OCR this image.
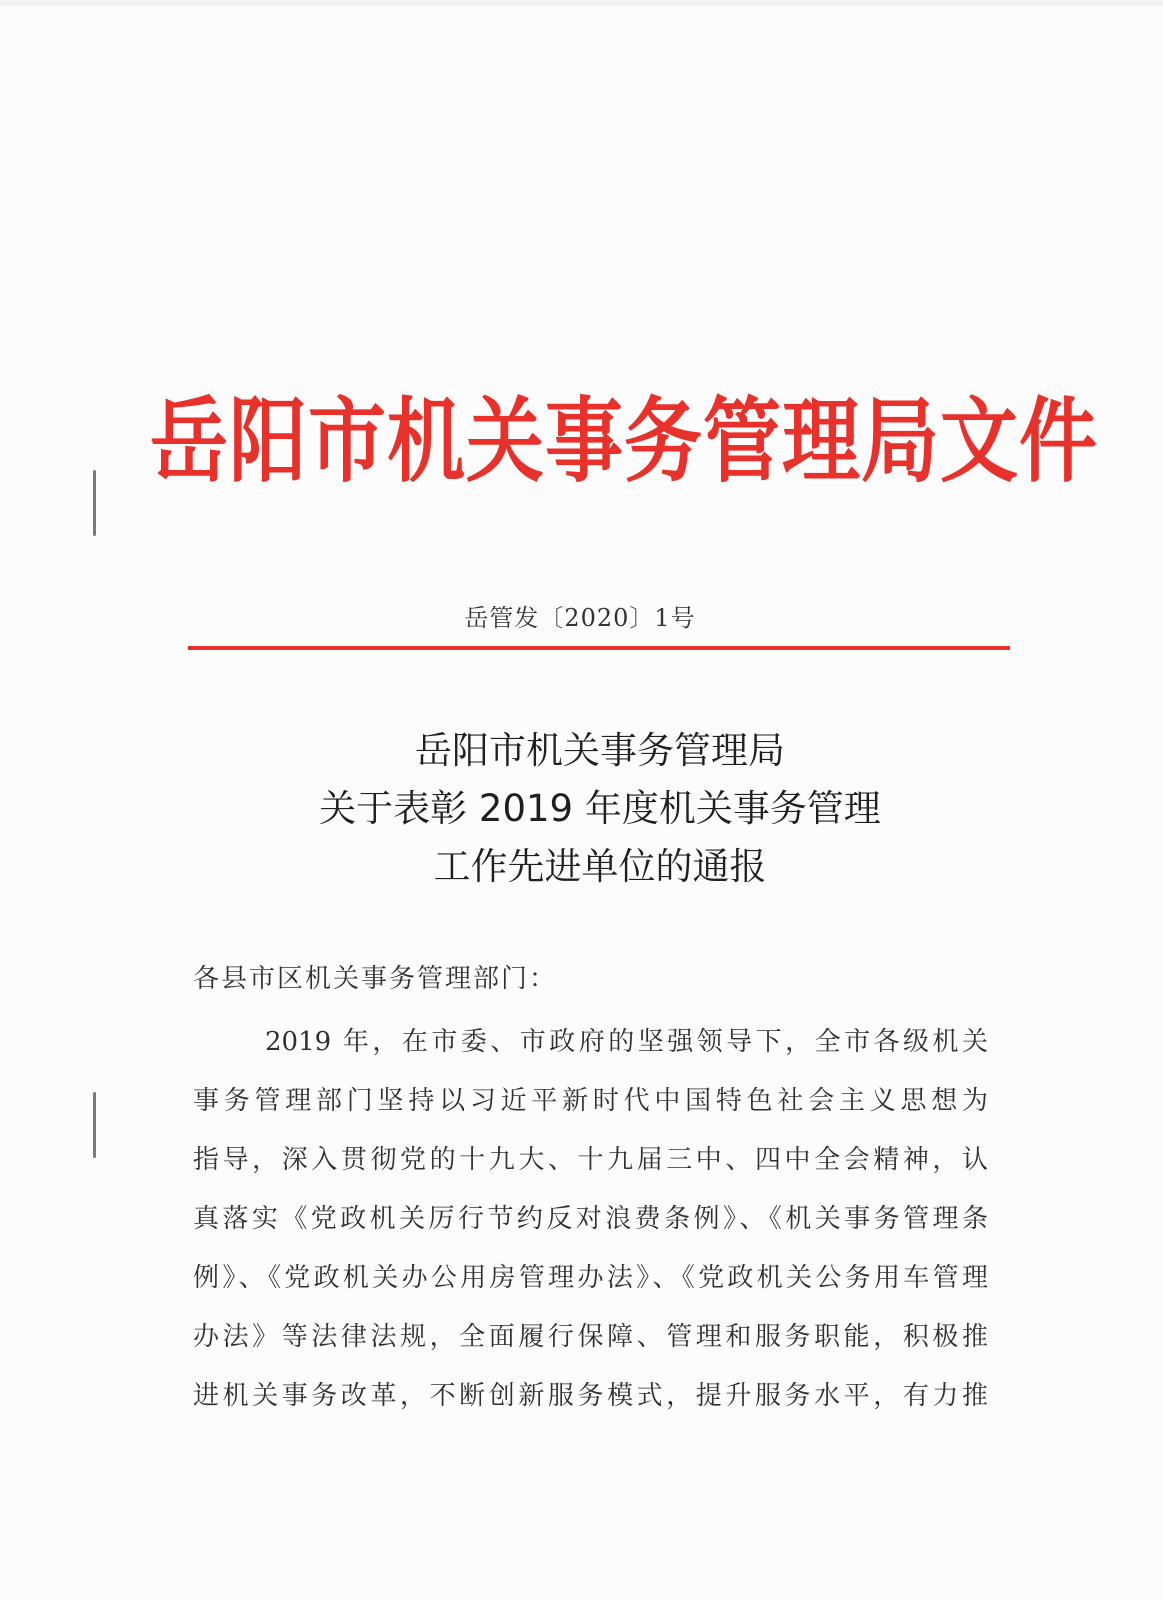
岳阳市机关事务管理局文件
岳管发〔2020〕1号
岳阳市机关事务管理局
关于表彰 2019 年度机关事务管理
工作先进单位的通报
各县市区机关事务管理部门：
2019 年，在市委、市政府的坚强领导下，全市各级机关
事务管理部门坚持以习近平新时代中国特色社会主义思想为
指导，深入贯彻党的十九大、十九届三中、四中全会精神，认
真落实《党政机关厉行节约反对浪费条例》、《机关事务管理条
例》、《党政机关办公用房管理办法》、《党政机关公务用车管理
办法》等法律法规，全面履行保障、管理和服务职能，积极推
进机关事务改革，不断创新服务模式，提升服务水平，有力推
